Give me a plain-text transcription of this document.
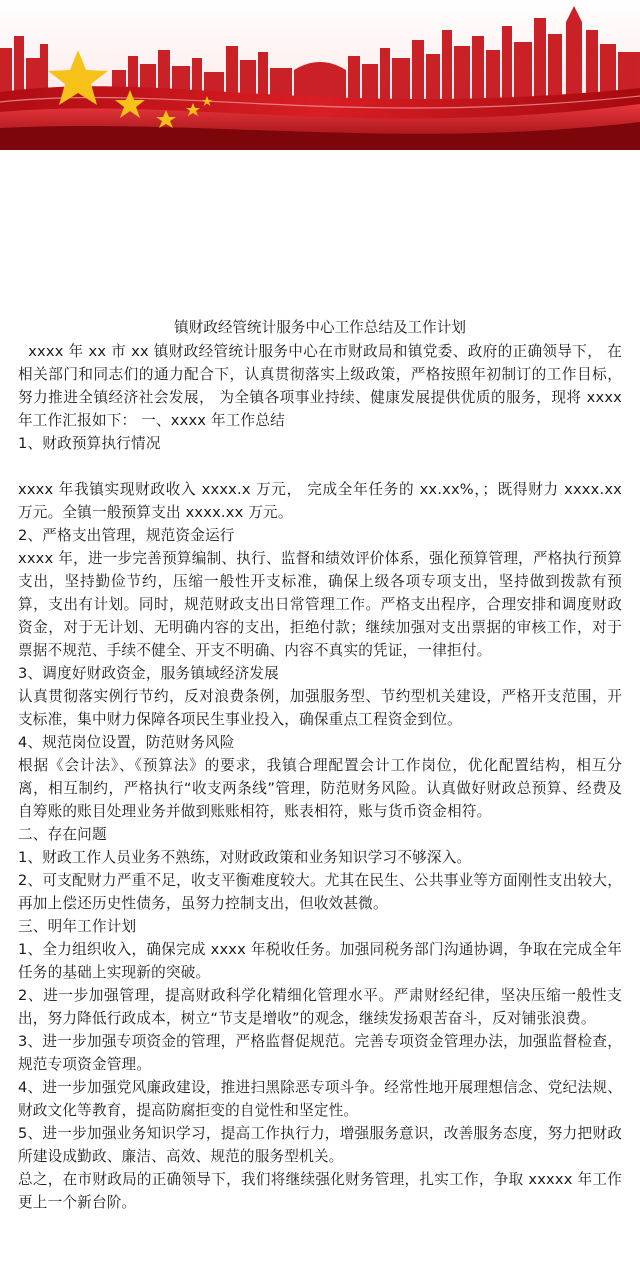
镇财政经管统计服务中心工作总结及工作计划

xxxx 年 xx 市 xx 镇财政经管统计服务中心在市财政局和镇党委、政府的正确领导下， 在相关部门和同志们的通力配合下，认真贯彻落实上级政策，严格按照年初制订的工作目标，努力推进全镇经济社会发展， 为全镇各项事业持续、健康发展提供优质的服务，现将 xxxx 年工作汇报如下： 一、xxxx 年工作总结

1、财政预算执行情况

xxxx 年我镇实现财政收入 xxxx.x 万元， 完成全年任务的 xx.xx%，；既得财力 xxxx.xx 万元。全镇一般预算支出 xxxx.xx 万元。

2、严格支出管理，规范资金运行

xxxx 年，进一步完善预算编制、执行、监督和绩效评价体系，强化预算管理，严格执行预算支出，坚持勤俭节约，压缩一般性开支标准，确保上级各项专项支出，坚持做到拨款有预算，支出有计划。同时，规范财政支出日常管理工作。严格支出程序，合理安排和调度财政资金，对于无计划、无明确内容的支出，拒绝付款；继续加强对支出票据的审核工作，对于票据不规范、手续不健全、开支不明确、内容不真实的凭证，一律拒付。

3、调度好财政资金，服务镇域经济发展

认真贯彻落实例行节约，反对浪费条例，加强服务型、节约型机关建设，严格开支范围，开支标准，集中财力保障各项民生事业投入，确保重点工程资金到位。

4、规范岗位设置，防范财务风险

根据《会计法》、《预算法》的要求，我镇合理配置会计工作岗位，优化配置结构，相互分离，相互制约，严格执行“收支两条线”管理，防范财务风险。认真做好财政总预算、经费及自筹账的账目处理业务并做到账账相符，账表相符，账与货币资金相符。

二、存在问题

1、财政工作人员业务不熟练，对财政政策和业务知识学习不够深入。

2、可支配财力严重不足，收支平衡难度较大。尤其在民生、公共事业等方面刚性支出较大，再加上偿还历史性债务，虽努力控制支出，但收效甚微。

三、明年工作计划

1、全力组织收入，确保完成 xxxx 年税收任务。加强同税务部门沟通协调，争取在完成全年任务的基础上实现新的突破。

2、进一步加强管理，提高财政科学化精细化管理水平。严肃财经纪律，坚决压缩一般性支出，努力降低行政成本，树立“节支是增收”的观念，继续发扬艰苦奋斗，反对铺张浪费。

3、进一步加强专项资金的管理，严格监督促规范。完善专项资金管理办法，加强监督检查，规范专项资金管理。

4、进一步加强党风廉政建设，推进扫黑除恶专项斗争。经常性地开展理想信念、党纪法规、财政文化等教育，提高防腐拒变的自觉性和坚定性。

5、进一步加强业务知识学习，提高工作执行力，增强服务意识，改善服务态度，努力把财政所建设成勤政、廉洁、高效、规范的服务型机关。

总之，在市财政局的正确领导下，我们将继续强化财务管理，扎实工作，争取 xxxxx 年工作更上一个新台阶。
